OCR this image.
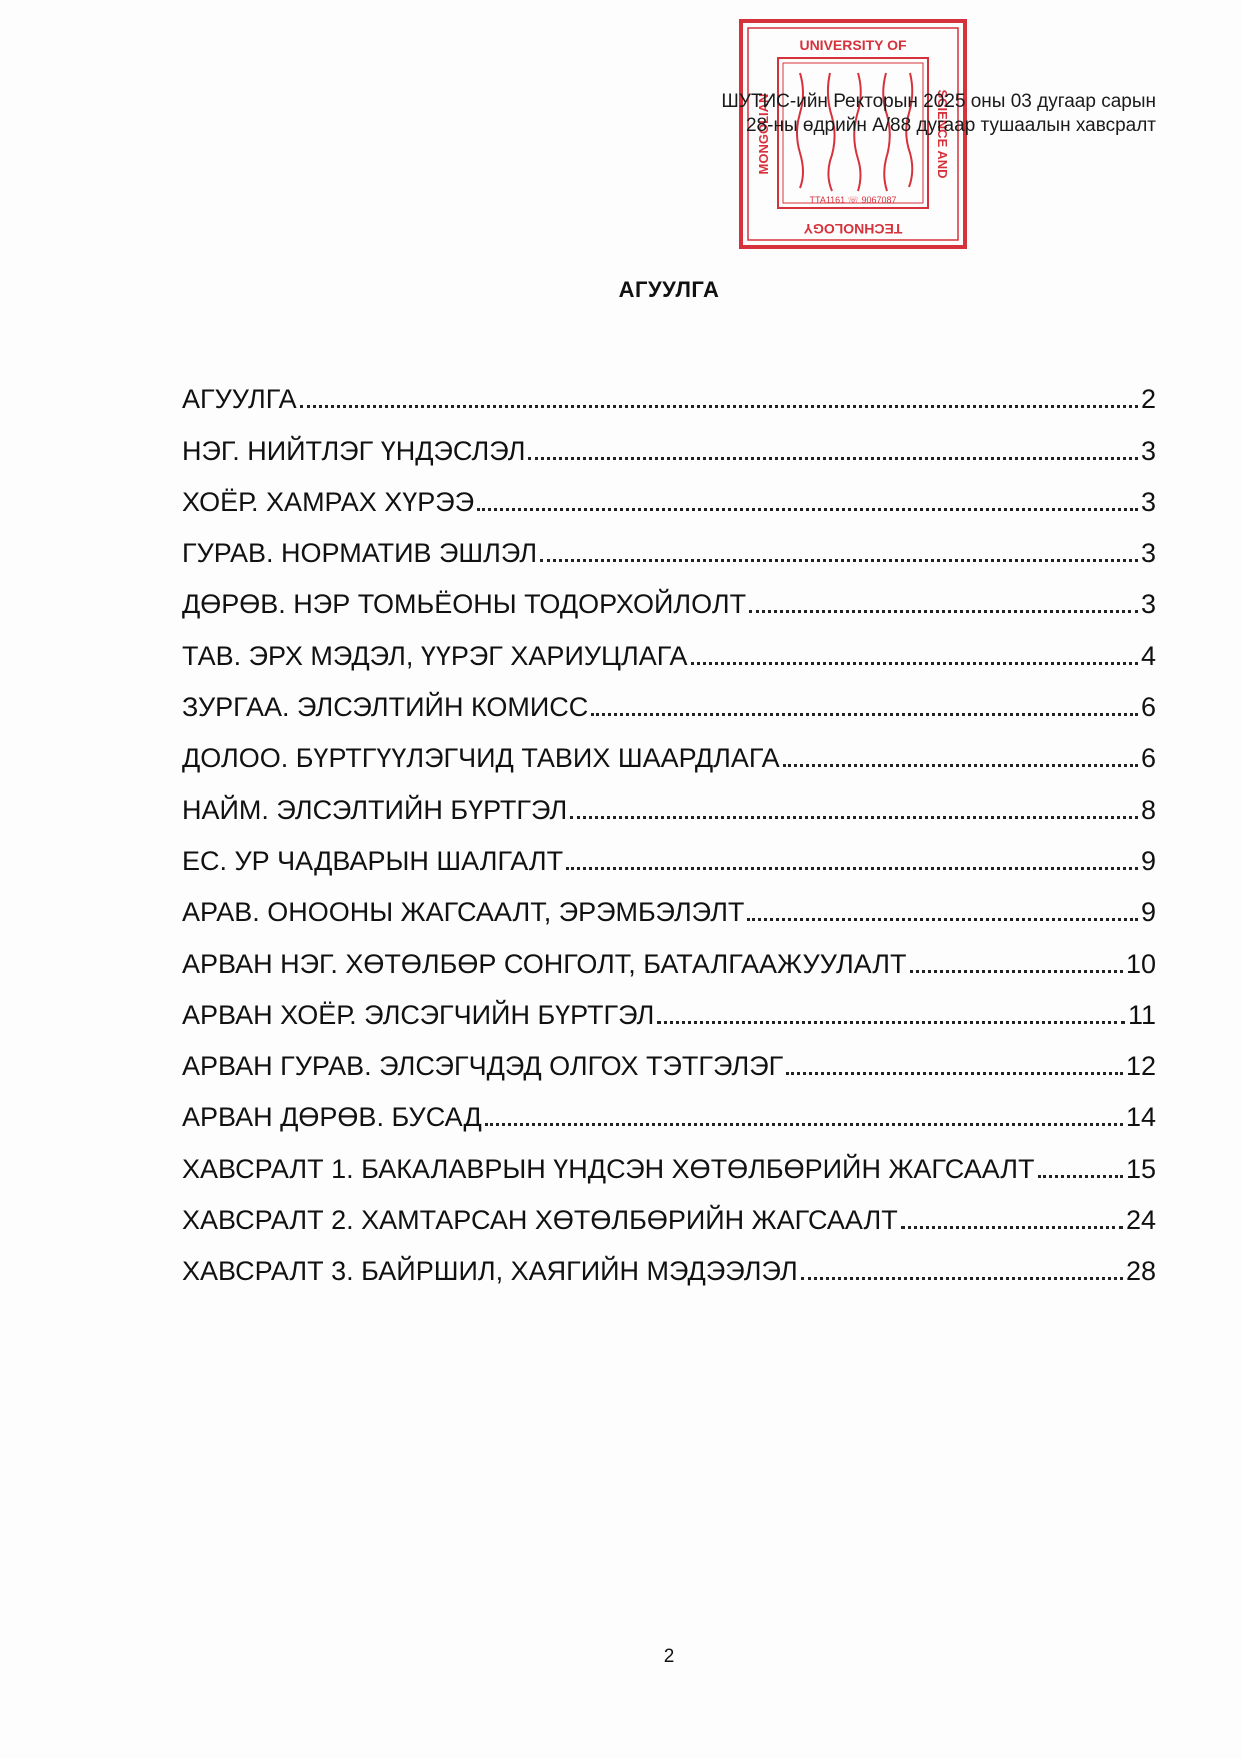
UNIVERSITY OF
TECHNOLOGY
MONGOLIAN	SCIENCE AND
TTA1161 ☏ 9067087
ШУТИС-ийн Ректорын 2025 оны 03 дугаар сарын
28-ны өдрийн А/88 дугаар тушаалын хавсралт
АГУУЛГА
АГУУЛГА	2
НЭГ. НИЙТЛЭГ ҮНДЭСЛЭЛ	3
ХОЁР. ХАМРАХ ХҮРЭЭ	3
ГУРАВ. НОРМАТИВ ЭШЛЭЛ	3
ДӨРӨВ. НЭР ТОМЬЁОНЫ ТОДОРХОЙЛОЛТ	3
ТАВ. ЭРХ МЭДЭЛ, ҮҮРЭГ ХАРИУЦЛАГА	4
ЗУРГАА. ЭЛСЭЛТИЙН КОМИСС	6
ДОЛОО. БҮРТГҮҮЛЭГЧИД ТАВИХ ШААРДЛАГА	6
НАЙМ. ЭЛСЭЛТИЙН БҮРТГЭЛ	8
ЕС. УР ЧАДВАРЫН ШАЛГАЛТ	9
АРАВ. ОНООНЫ ЖАГСААЛТ, ЭРЭМБЭЛЭЛТ	9
АРВАН НЭГ. ХӨТӨЛБӨР СОНГОЛТ, БАТАЛГААЖУУЛАЛТ	10
АРВАН ХОЁР. ЭЛСЭГЧИЙН БҮРТГЭЛ	11
АРВАН ГУРАВ. ЭЛСЭГЧДЭД ОЛГОХ ТЭТГЭЛЭГ	12
АРВАН ДӨРӨВ. БУСАД	14
ХАВСРАЛТ 1. БАКАЛАВРЫН ҮНДСЭН ХӨТӨЛБӨРИЙН ЖАГСААЛТ	15
ХАВСРАЛТ 2. ХАМТАРСАН ХӨТӨЛБӨРИЙН ЖАГСААЛТ	24
ХАВСРАЛТ 3. БАЙРШИЛ, ХАЯГИЙН МЭДЭЭЛЭЛ	28
2
